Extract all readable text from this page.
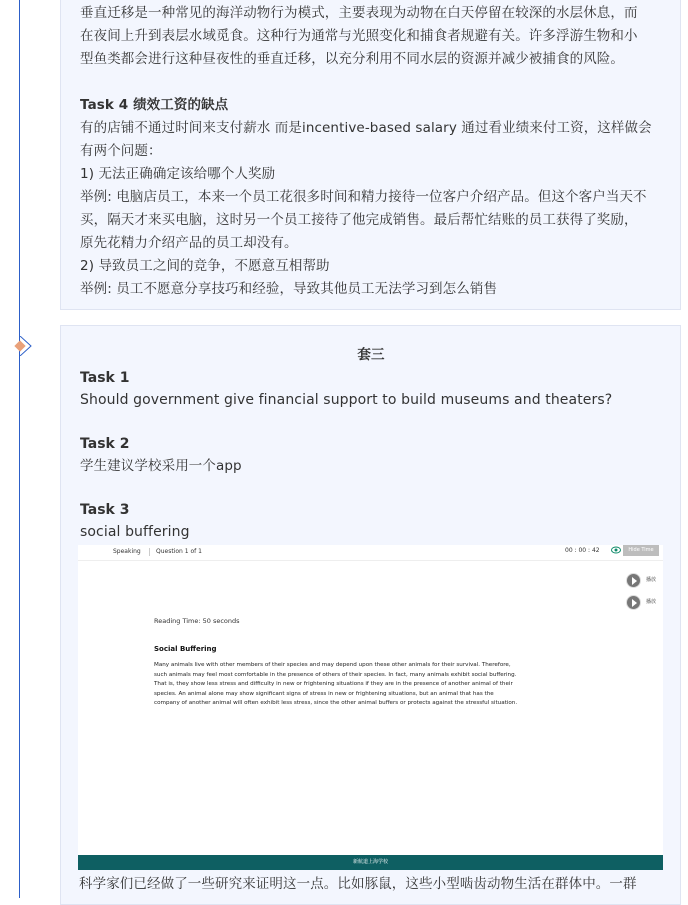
垂直迁移是一种常见的海洋动物行为模式，主要表现为动物在白天停留在较深的水层休息，而

在夜间上升到表层水域觅食。这种行为通常与光照变化和捕食者规避有关。许多浮游生物和小

型鱼类都会进行这种昼夜性的垂直迁移，以充分利用不同水层的资源并减少被捕食的风险。

Task 4 绩效工资的缺点

有的店铺不通过时间来支付薪水 而是incentive-based salary 通过看业绩来付工资，这样做会

有两个问题：

1) 无法正确确定该给哪个人奖励

举例: 电脑店员工，本来一个员工花很多时间和精力接待一位客户介绍产品。但这个客户当天不

买，隔天才来买电脑，这时另一个员工接待了他完成销售。最后帮忙结账的员工获得了奖励，

原先花精力介绍产品的员工却没有。

2) 导致员工之间的竞争，不愿意互相帮助

举例: 员工不愿意分享技巧和经验，导致其他员工无法学习到怎么销售

套三

Task 1

Should government give financial support to build museums and theaters?

Task 2

学生建议学校采用一个app

Task 3

social buffering

Speaking	Question 1 of 1	00 : 00 : 42	Hide Time
播放
播放
Reading Time: 50 seconds
Social Buffering
Many animals live with other members of their species and may depend upon these other animals for their survival. Therefore,
such animals may feel most comfortable in the presence of others of their species. In fact, many animals exhibit social buffering.
That is, they show less stress and difficulty in new or frightening situations if they are in the presence of another animal of their
species. An animal alone may show significant signs of stress in new or frightening situations, but an animal that has the
company of another animal will often exhibit less stress, since the other animal buffers or protects against the stressful situation.
新航道上海学校

科学家们已经做了一些研究来证明这一点。比如豚鼠，这些小型啮齿动物生活在群体中。一群
